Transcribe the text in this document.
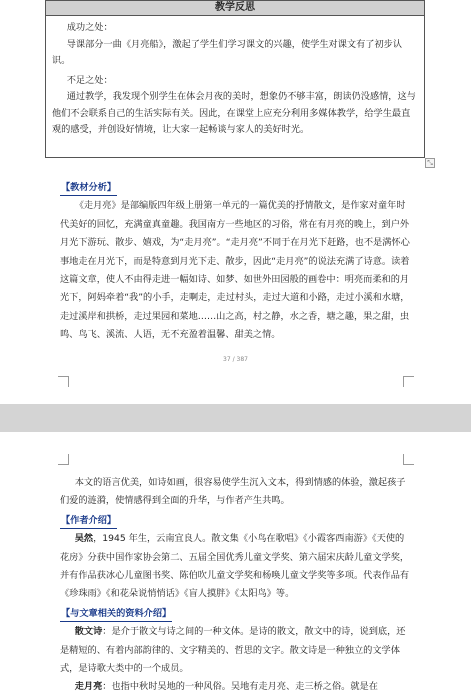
教学反思

成功之处：

导课部分一曲《月亮船》，激起了学生们学习课文的兴趣，使学生对课文有了初步认识。

不足之处：

通过教学，我发现个别学生在体会月夜的美时，想象仍不够丰富，朗读仍没感情，这与他们不会联系自己的生活实际有关。因此，在课堂上应充分利用多媒体教学，给学生最直观的感受，并创设好情境，让大家一起畅谈与家人的美好时光。

⤡
【教材分析】

《走月亮》是部编版四年级上册第一单元的一篇优美的抒情散文，是作家对童年时代美好的回忆，充满童真童趣。我国南方一些地区的习俗，常在有月亮的晚上，到户外月光下游玩、散步、嬉戏，为“走月亮”。“走月亮”不同于在月光下赶路，也不是满怀心事地走在月光下，而是特意到月光下走、散步，因此“走月亮”的说法充满了诗意。读着这篇文章，使人不由得走进一幅如诗、如梦、如世外田园般的画卷中：明亮而柔和的月光下，阿妈牵着“我”的小手，走啊走，走过村头，走过大道和小路，走过小溪和水塘，走过溪岸和拱桥，走过果园和菜地……山之高，村之静，水之香，塘之趣，果之甜，虫鸣、鸟飞、溪流、人语，无不充盈着温馨、甜美之情。

37 / 387

本文的语言优美，如诗如画，很容易使学生沉入文本，得到情感的体验，激起孩子们爱的涟漪，使情感得到全面的升华，与作者产生共鸣。

【作者介绍】

吴然，1945 年生，云南宜良人。散文集《小鸟在歌唱》《小霞客西南游》《天使的花房》分获中国作家协会第二、五届全国优秀儿童文学奖、第六届宋庆龄儿童文学奖，并有作品获冰心儿童图书奖、陈伯吹儿童文学奖和杨唤儿童文学奖等多项。代表作品有《珍珠雨》《和花朵说悄悄话》《盲人摸胖》《太阳鸟》等。

【与文章相关的资料介绍】

散文诗：是介于散文与诗之间的一种文体。是诗的散文，散文中的诗，说到底，还是精短的、有着内部韵律的、文字精美的、哲思的文字。散文诗是一种独立的文学体式，是诗歌大类中的一个成员。

走月亮：也指中秋时吴地的一种风俗。吴地有走月亮、走三桥之俗。就是在
